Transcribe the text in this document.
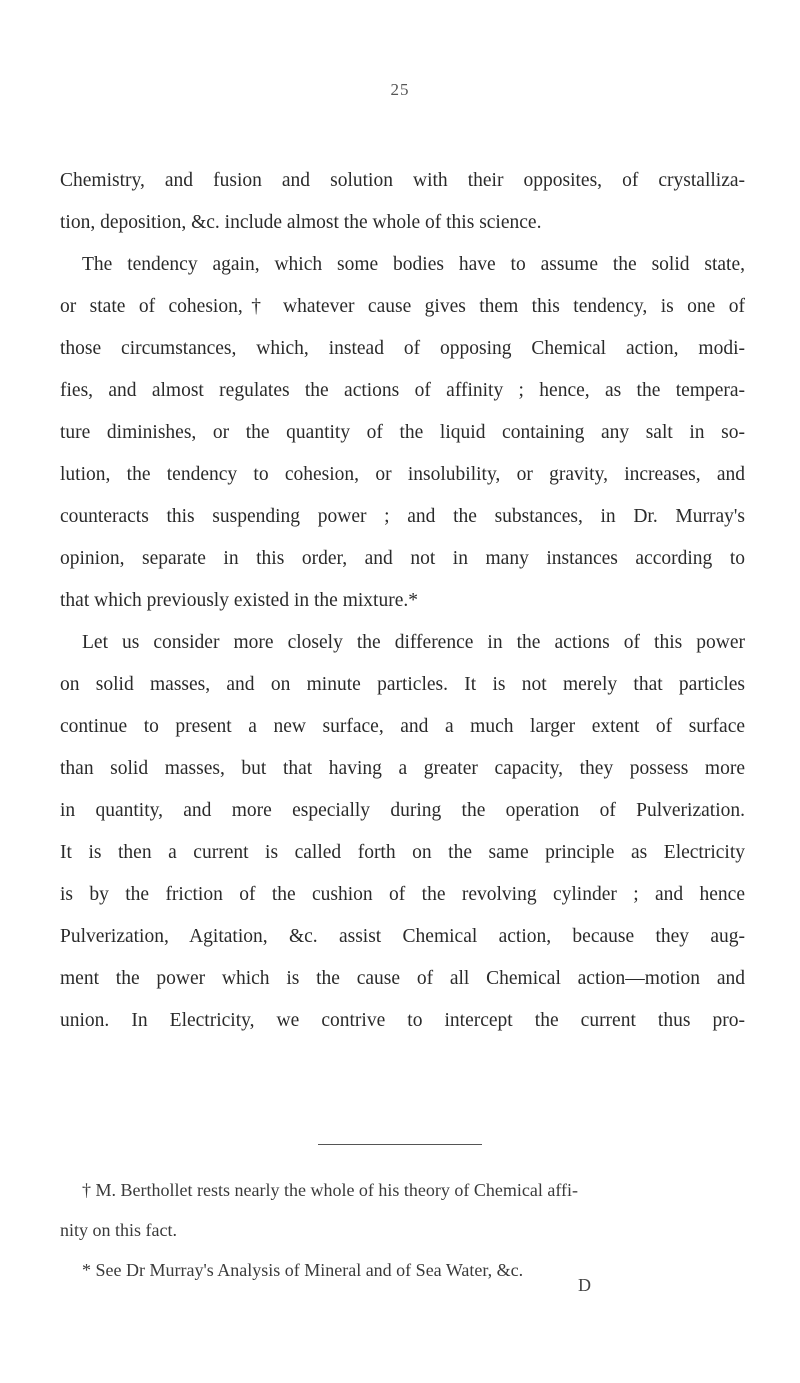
25
Chemistry, and fusion and solution with their opposites, of crystalliza-
tion, deposition, &c. include almost the whole of this science.
The tendency again, which some bodies have to assume the solid state,
or state of cohesion,† whatever cause gives them this tendency, is one of
those circumstances, which, instead of opposing Chemical action, modi-
fies, and almost regulates the actions of affinity ; hence, as the tempera-
ture diminishes, or the quantity of the liquid containing any salt in so-
lution, the tendency to cohesion, or insolubility, or gravity, increases, and
counteracts this suspending power ; and the substances, in Dr. Murray's
opinion, separate in this order, and not in many instances according to
that which previously existed in the mixture.*
Let us consider more closely the difference in the actions of this power
on solid masses, and on minute particles. It is not merely that particles
continue to present a new surface, and a much larger extent of surface
than solid masses, but that having a greater capacity, they possess more
in quantity, and more especially during the operation of Pulverization.
It is then a current is called forth on the same principle as Electricity
is by the friction of the cushion of the revolving cylinder ; and hence
Pulverization, Agitation, &c. assist Chemical action, because they aug-
ment the power which is the cause of all Chemical action—motion and
union. In Electricity, we contrive to intercept the current thus pro-
† M. Berthollet rests nearly the whole of his theory of Chemical affi-
nity on this fact.
* See Dr Murray's Analysis of Mineral and of Sea Water, &c.
D
